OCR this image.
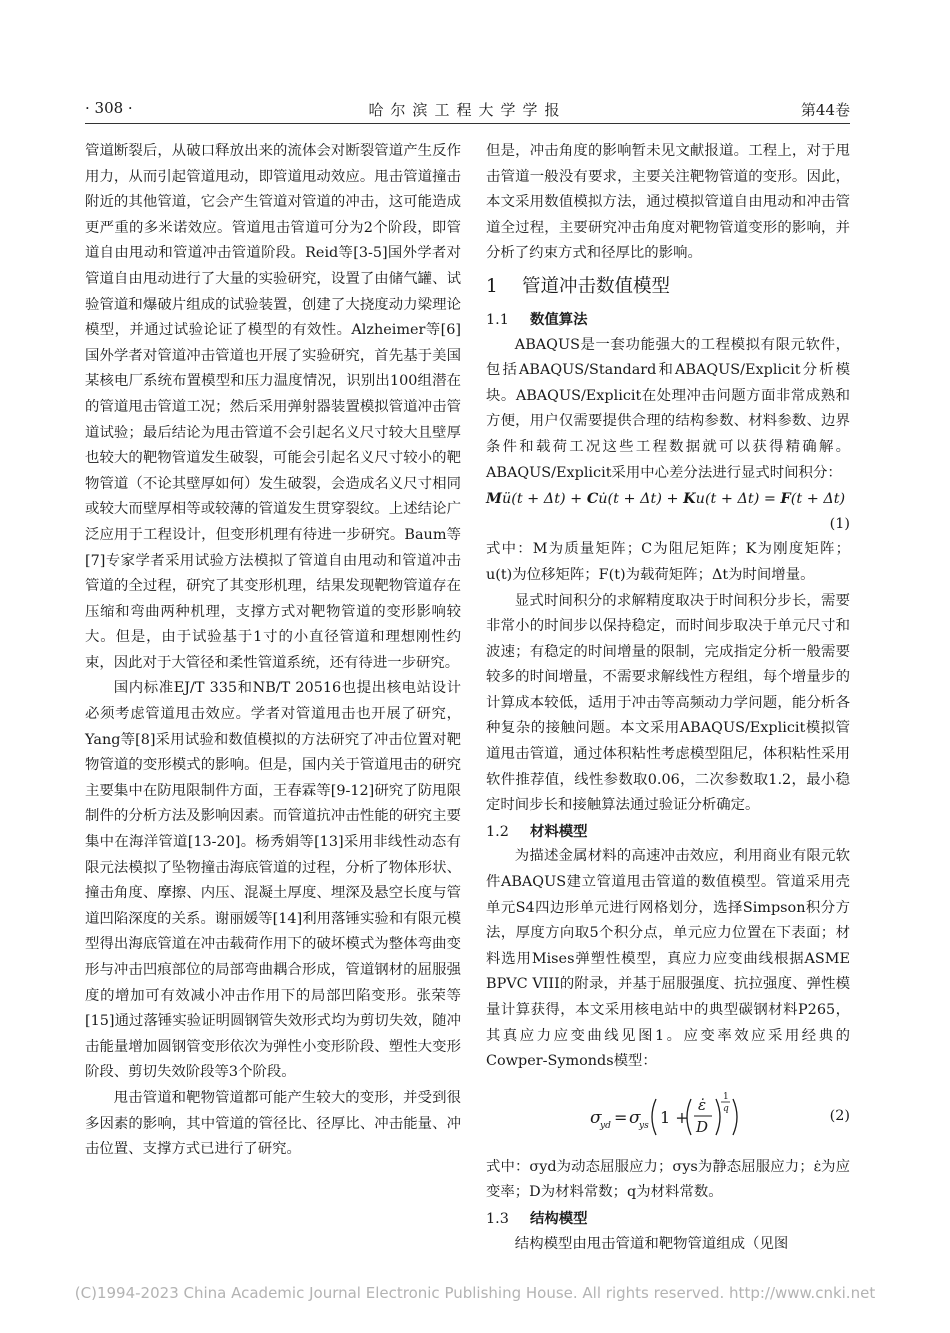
· 308 ·	哈尔滨工程大学学报	第44卷

管道断裂后，从破口释放出来的流体会对断裂管道产生反作用力，从而引起管道甩动，即管道甩动效应。甩击管道撞击附近的其他管道，它会产生管道对管道的冲击，这可能造成更严重的多米诺效应。管道甩击管道可分为2个阶段，即管道自由甩动和管道冲击管道阶段。Reid等[3-5]国外学者对管道自由甩动进行了大量的实验研究，设置了由储气罐、试验管道和爆破片组成的试验装置，创建了大挠度动力梁理论模型，并通过试验论证了模型的有效性。Alzheimer等[6]国外学者对管道冲击管道也开展了实验研究，首先基于美国某核电厂系统布置模型和压力温度情况，识别出100组潜在的管道甩击管道工况；然后采用弹射器装置模拟管道冲击管道试验；最后结论为甩击管道不会引起名义尺寸较大且壁厚也较大的靶物管道发生破裂，可能会引起名义尺寸较小的靶物管道（不论其壁厚如何）发生破裂，会造成名义尺寸相同或较大而壁厚相等或较薄的管道发生贯穿裂纹。上述结论广泛应用于工程设计，但变形机理有待进一步研究。Baum等[7]专家学者采用试验方法模拟了管道自由甩动和管道冲击管道的全过程，研究了其变形机理，结果发现靶物管道存在压缩和弯曲两种机理，支撑方式对靶物管道的变形影响较大。但是，由于试验基于1寸的小直径管道和理想刚性约束，因此对于大管径和柔性管道系统，还有待进一步研究。

国内标准EJ/T 335和NB/T 20516也提出核电站设计必须考虑管道甩击效应。学者对管道甩击也开展了研究，Yang等[8]采用试验和数值模拟的方法研究了冲击位置对靶物管道的变形模式的影响。但是，国内关于管道甩击的研究主要集中在防甩限制件方面，王春霖等[9-12]研究了防甩限制件的分析方法及影响因素。而管道抗冲击性能的研究主要集中在海洋管道[13-20]。杨秀娟等[13]采用非线性动态有限元法模拟了坠物撞击海底管道的过程，分析了物体形状、撞击角度、摩擦、内压、混凝土厚度、埋深及悬空长度与管道凹陷深度的关系。谢丽媛等[14]利用落锤实验和有限元模型得出海底管道在冲击载荷作用下的破坏模式为整体弯曲变形与冲击凹痕部位的局部弯曲耦合形成，管道钢材的屈服强度的增加可有效减小冲击作用下的局部凹陷变形。张荣等[15]通过落锤实验证明圆钢管失效形式均为剪切失效，随冲击能量增加圆钢管变形依次为弹性小变形阶段、塑性大变形阶段、剪切失效阶段等3个阶段。

甩击管道和靶物管道都可能产生较大的变形，并受到很多因素的影响，其中管道的管径比、径厚比、冲击能量、冲击位置、支撑方式已进行了研究。

但是，冲击角度的影响暂未见文献报道。工程上，对于甩击管道一般没有要求，主要关注靶物管道的变形。因此，本文采用数值模拟方法，通过模拟管道自由甩动和冲击管道全过程，主要研究冲击角度对靶物管道变形的影响，并分析了约束方式和径厚比的影响。

1 管道冲击数值模型
1.1 数值算法

ABAQUS是一套功能强大的工程模拟有限元软件，包括ABAQUS/Standard和ABAQUS/Explicit分析模块。ABAQUS/Explicit在处理冲击问题方面非常成熟和方便，用户仅需要提供合理的结构参数、材料参数、边界条件和载荷工况这些工程数据就可以获得精确解。ABAQUS/Explicit采用中心差分法进行显式时间积分：

Mü(t + Δt) + Cu̇(t + Δt) + Ku(t + Δt) = F(t + Δt)
(1)

式中：M为质量矩阵；C为阻尼矩阵；K为刚度矩阵；u(t)为位移矩阵；F(t)为载荷矩阵；Δt为时间增量。

显式时间积分的求解精度取决于时间积分步长，需要非常小的时间步以保持稳定，而时间步取决于单元尺寸和波速；有稳定的时间增量的限制，完成指定分析一般需要较多的时间增量，不需要求解线性方程组，每个增量步的计算成本较低，适用于冲击等高频动力学问题，能分析各种复杂的接触问题。本文采用ABAQUS/Explicit模拟管道甩击管道，通过体积粘性考虑模型阻尼，体积粘性采用软件推荐值，线性参数取0.06，二次参数取1.2，最小稳定时间步长和接触算法通过验证分析确定。

1.2 材料模型

为描述金属材料的高速冲击效应，利用商业有限元软件ABAQUS建立管道甩击管道的数值模型。管道采用壳单元S4四边形单元进行网格划分，选择Simpson积分方法，厚度方向取5个积分点，单元应力位置在下表面；材料选用Mises弹塑性模型，真应力应变曲线根据ASME BPVC VIII的附录，并基于屈服强度、抗拉强度、弹性模量计算获得，本文采用核电站中的典型碳钢材料P265，其真应力应变曲线见图1。应变率效应采用经典的Cowper-Symonds模型：

σ
yd = σ
ys 1 +
ε̇
D
1
q	(2)

式中：σyd为动态屈服应力；σys为静态屈服应力；ε̇为应变率；D为材料常数；q为材料常数。

1.3 结构模型

结构模型由甩击管道和靶物管道组成（见图

(C)1994-2023 China Academic Journal Electronic Publishing House. All rights reserved. http://www.cnki.net
